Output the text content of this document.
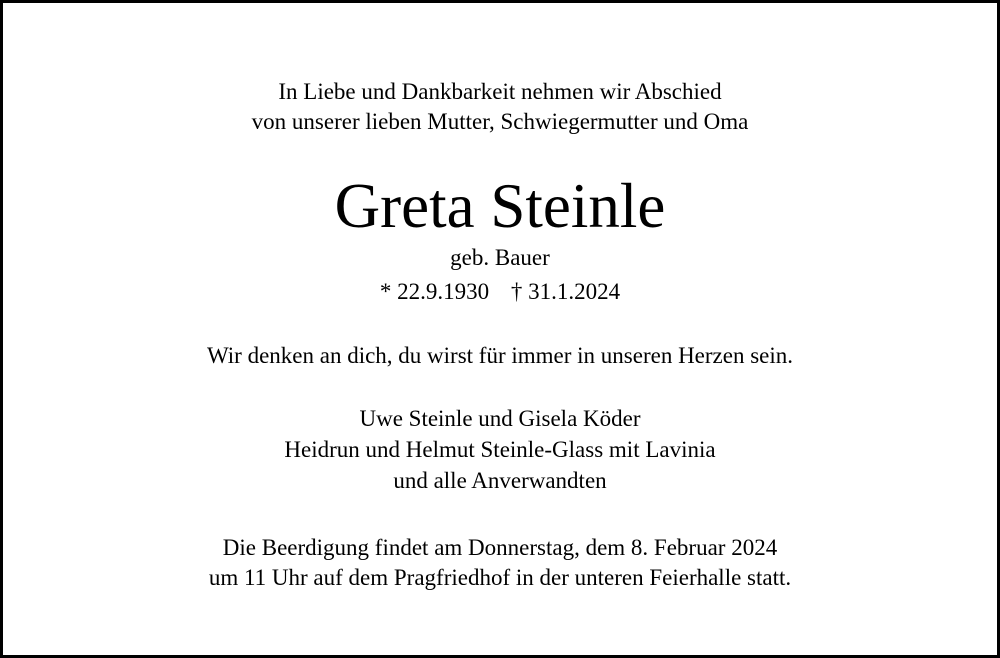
In Liebe und Dankbarkeit nehmen wir Abschied
von unserer lieben Mutter, Schwiegermutter und Oma
Greta Steinle
geb. Bauer
* 22.9.1930 † 31.1.2024
Wir denken an dich, du wirst für immer in unseren Herzen sein.
Uwe Steinle und Gisela Köder
Heidrun und Helmut Steinle-Glass mit Lavinia
und alle Anverwandten
Die Beerdigung findet am Donnerstag, dem 8. Februar 2024
um 11 Uhr auf dem Pragfriedhof in der unteren Feierhalle statt.
